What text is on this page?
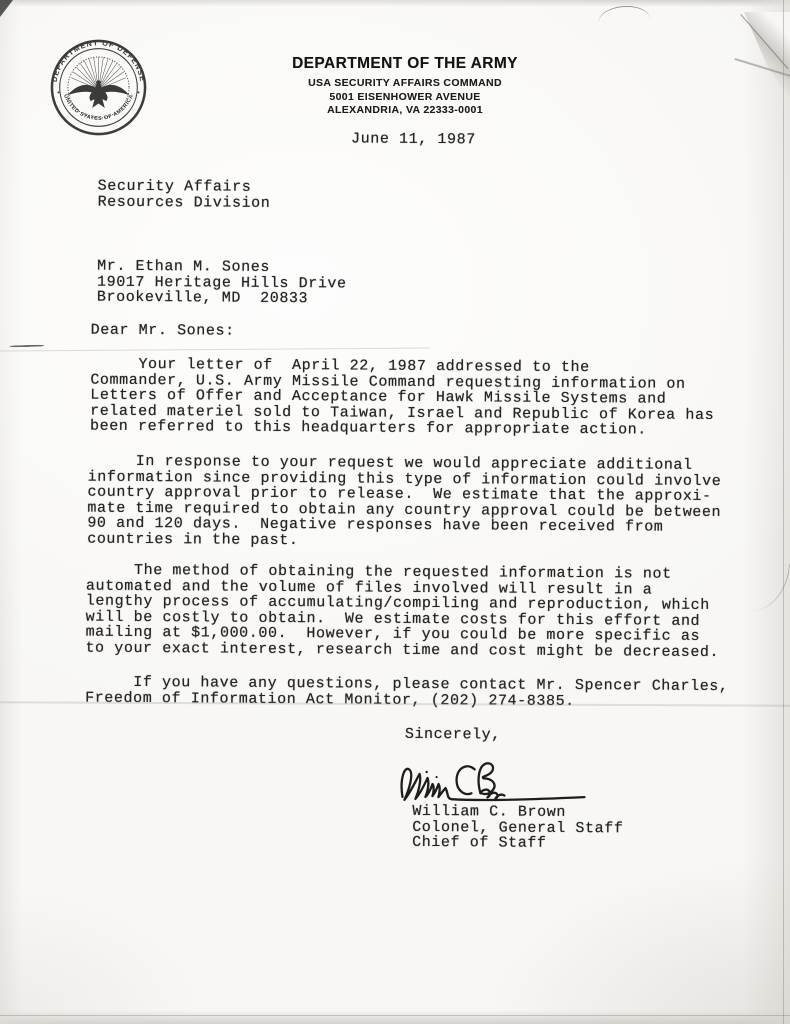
DEPARTMENT OF DEFENSE
UNITED STATES OF AMERICA
DEPARTMENT OF THE ARMY
USA SECURITY AFFAIRS COMMAND
5001 EISENHOWER AVENUE
ALEXANDRIA, VA 22333-0001
June 11, 1987
Security Affairs
Resources Division
Mr. Ethan M. Sones
19017 Heritage Hills Drive
Brookeville, MD  20833
Dear Mr. Sones:
Your letter of  April 22, 1987 addressed to the
Commander, U.S. Army Missile Command requesting information on
Letters of Offer and Acceptance for Hawk Missile Systems and
related materiel sold to Taiwan, Israel and Republic of Korea has
been referred to this headquarters for appropriate action.
In response to your request we would appreciate additional
information since providing this type of information could involve
country approval prior to release.  We estimate that the approxi-
mate time required to obtain any country approval could be between
90 and 120 days.  Negative responses have been received from
countries in the past.
The method of obtaining the requested information is not
automated and the volume of files involved will result in a
lengthy process of accumulating/compiling and reproduction, which
will be costly to obtain.  We estimate costs for this effort and
mailing at $1,000.00.  However, if you could be more specific as
to your exact interest, research time and cost might be decreased.
If you have any questions, please contact Mr. Spencer Charles,
Freedom of Information Act Monitor, (202) 274-8385.
Sincerely,
William C. Brown
Colonel, General Staff
Chief of Staff
